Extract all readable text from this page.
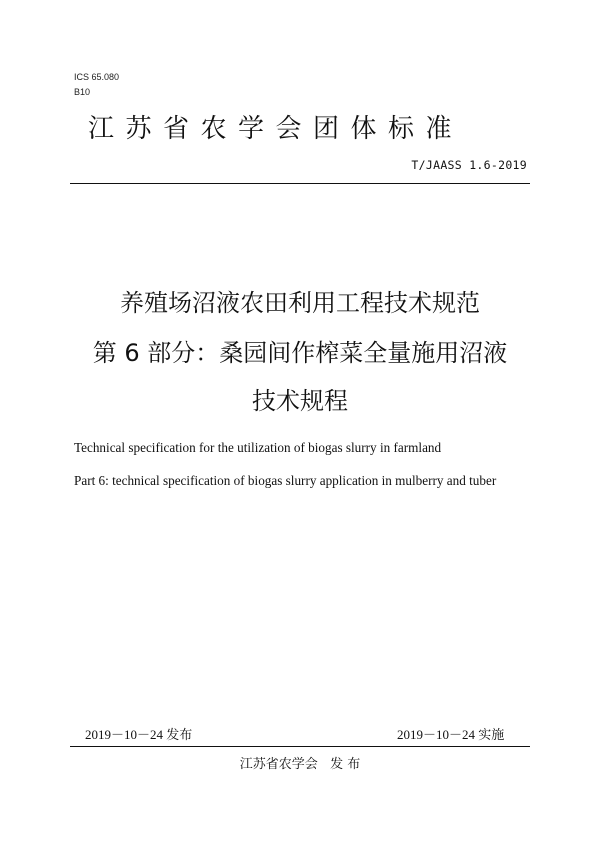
ICS 65.080
B10
江苏省农学会团体标准
T/JAASS 1.6-2019
养殖场沼液农田利用工程技术规范
第 6 部分：桑园间作榨菜全量施用沼液
技术规程
Technical specification for the utilization of biogas slurry in farmland
Part 6: technical specification of biogas slurry application in mulberry and tuber
2019－10－24 发布	2019－10－24 实施
江苏省农学会   发 布
